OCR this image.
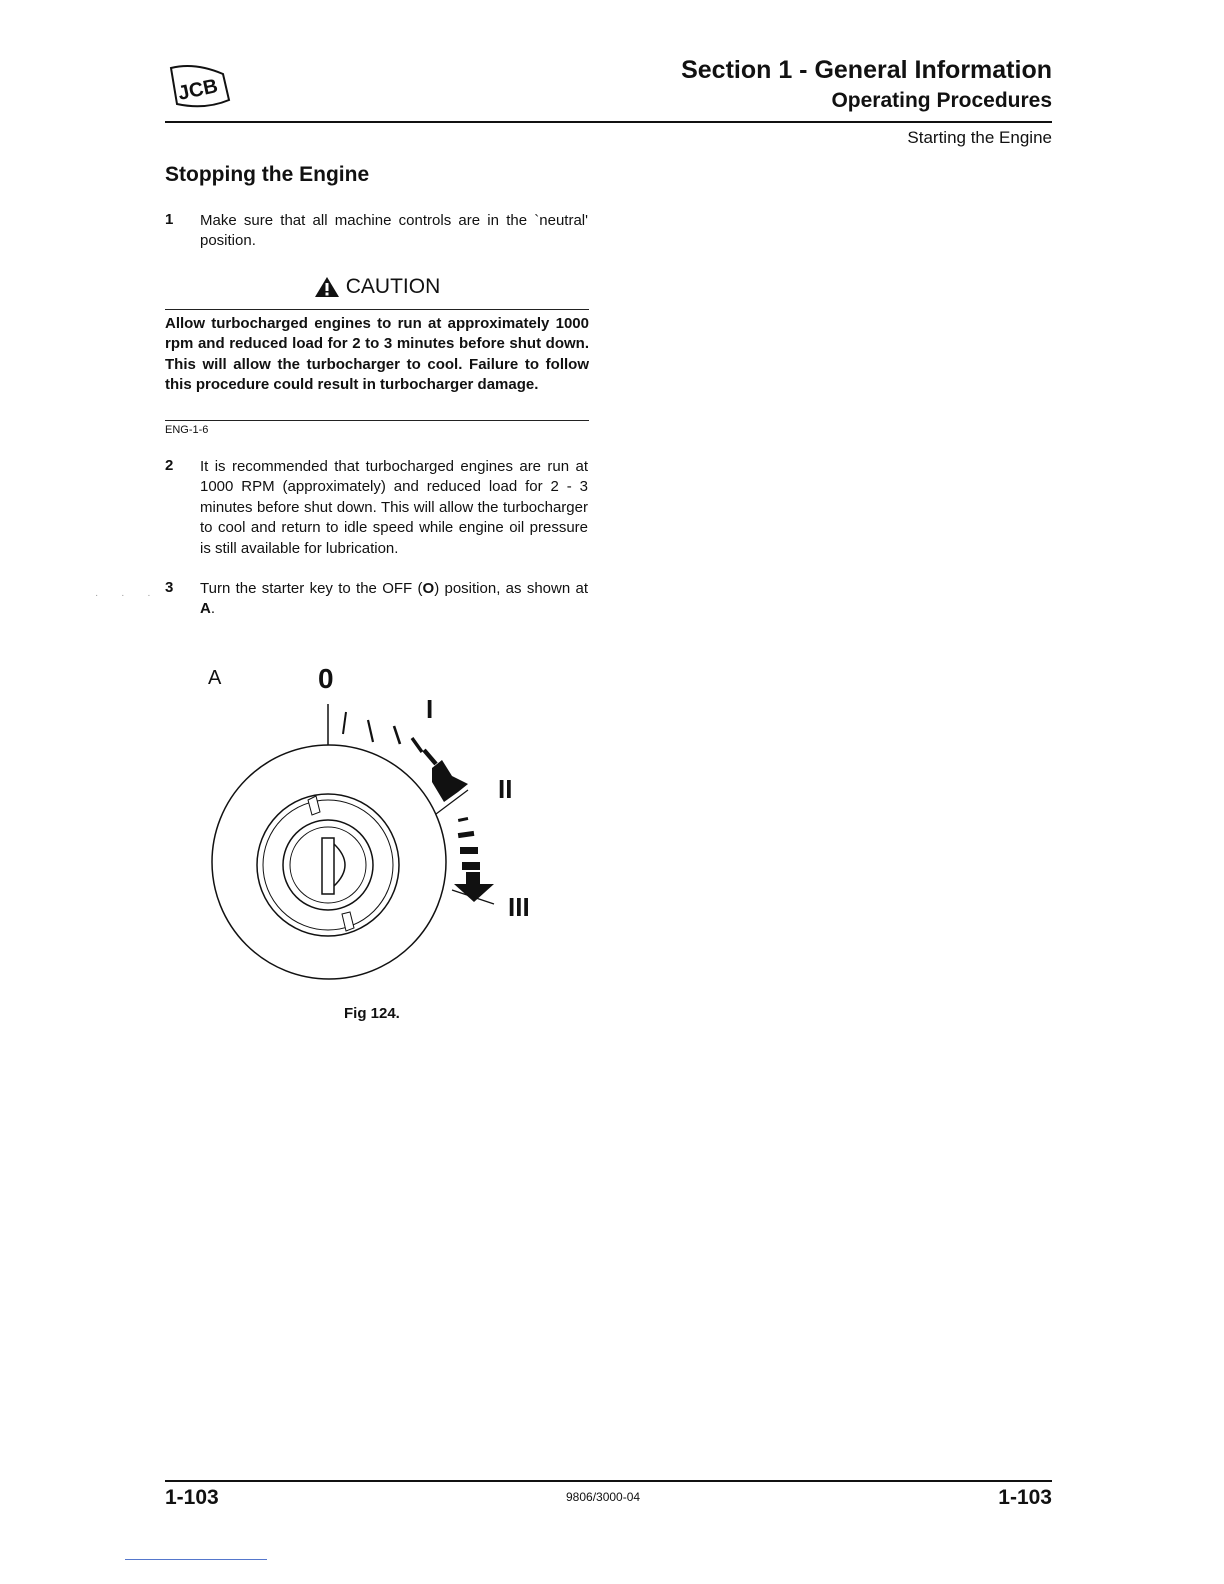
JCB
Section 1 - General Information
Operating Procedures
Starting the Engine
Stopping the Engine
1 Make sure that all machine controls are in the `neutral' position.
CAUTION
Allow turbocharged engines to run at approximately 1000 rpm and reduced load for 2 to 3 minutes before shut down. This will allow the turbocharger to cool. Failure to follow this procedure could result in turbocharger damage.
ENG-1-6
2 It is recommended that turbocharged engines are run at 1000 RPM (approximately) and reduced load for 2 - 3 minutes before shut down. This will allow the turbocharger to cool and return to idle speed while engine oil pressure is still available for lubrication.
3 Turn the starter key to the OFF (O) position, as shown at A.
· · ·
A	0
I
II
III
Fig 124.
1-103	9806/3000-04	1-103
